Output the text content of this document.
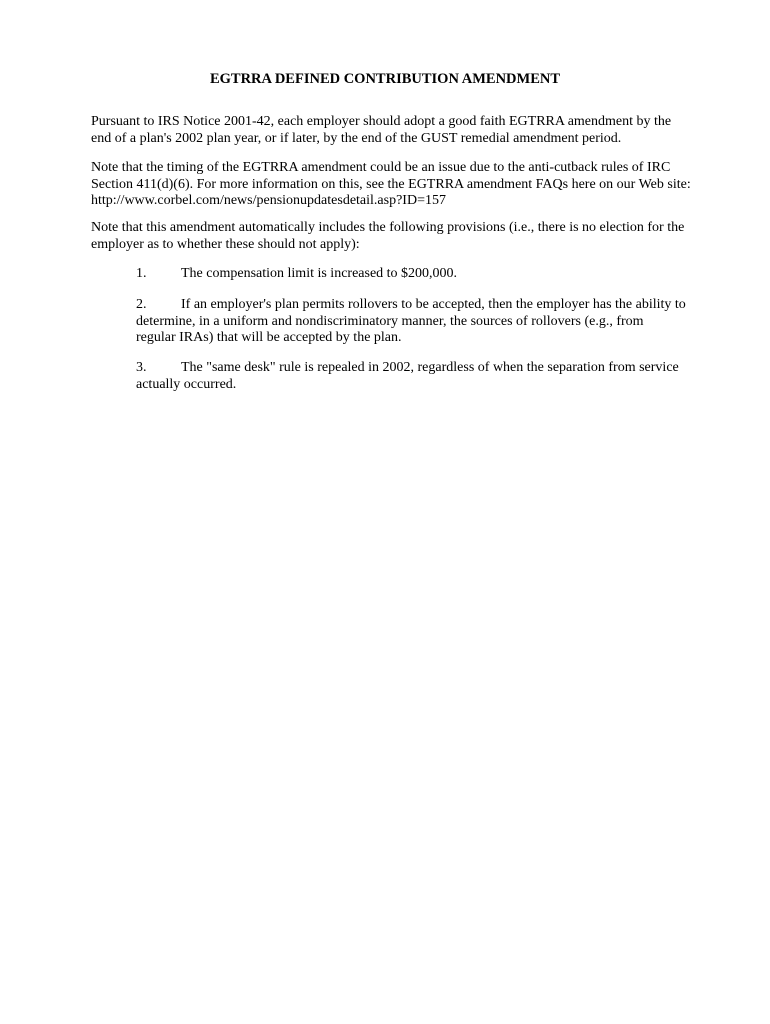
EGTRRA DEFINED CONTRIBUTION AMENDMENT

Pursuant to IRS Notice 2001-42, each employer should adopt a good faith EGTRRA amendment by the end of a plan's 2002 plan year, or if later, by the end of the GUST remedial amendment period.

Note that the timing of the EGTRRA amendment could be an issue due to the anti-cutback rules of IRC Section 411(d)(6). For more information on this, see the EGTRRA amendment FAQs here on our Web site: http://www.corbel.com/news/pensionupdatesdetail.asp?ID=157

Note that this amendment automatically includes the following provisions (i.e., there is no election for the employer as to whether these should not apply):

1. The compensation limit is increased to $200,000.
2. If an employer's plan permits rollovers to be accepted, then the employer has the ability to determine, in a uniform and nondiscriminatory manner, the sources of rollovers (e.g., from regular IRAs) that will be accepted by the plan.
3. The "same desk" rule is repealed in 2002, regardless of when the separation from service actually occurred.
